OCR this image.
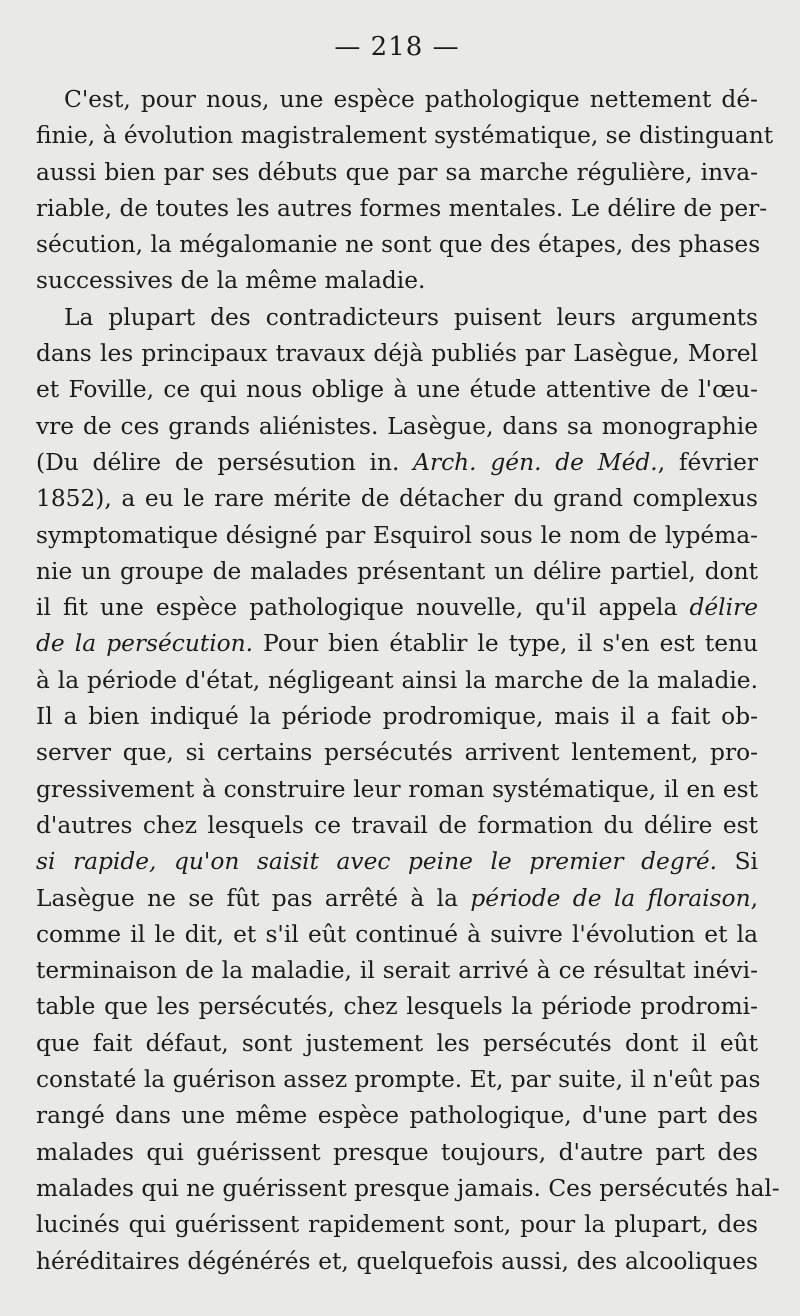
— 218 —
C'est, pour nous, une espèce pathologique nettement dé-
finie, à évolution magistralement systématique, se distinguant
aussi bien par ses débuts que par sa marche régulière, inva-
riable, de toutes les autres formes mentales. Le délire de per-
sécution, la mégalomanie ne sont que des étapes, des phases
successives de la même maladie.
La plupart des contradicteurs puisent leurs arguments
dans les principaux travaux déjà publiés par Lasègue, Morel
et Foville, ce qui nous oblige à une étude attentive de l'œu-
vre de ces grands aliénistes. Lasègue, dans sa monographie
(Du délire de persésution in. Arch. gén. de Méd., février
1852), a eu le rare mérite de détacher du grand complexus
symptomatique désigné par Esquirol sous le nom de lypéma-
nie un groupe de malades présentant un délire partiel, dont
il fit une espèce pathologique nouvelle, qu'il appela délire
de la persécution. Pour bien établir le type, il s'en est tenu
à la période d'état, négligeant ainsi la marche de la maladie.
Il a bien indiqué la période prodromique, mais il a fait ob-
server que, si certains persécutés arrivent lentement, pro-
gressivement à construire leur roman systématique, il en est
d'autres chez lesquels ce travail de formation du délire est
si rapide, qu'on saisit avec peine le premier degré. Si
Lasègue ne se fût pas arrêté à la période de la floraison,
comme il le dit, et s'il eût continué à suivre l'évolution et la
terminaison de la maladie, il serait arrivé à ce résultat inévi-
table que les persécutés, chez lesquels la période prodromi-
que fait défaut, sont justement les persécutés dont il eût
constaté la guérison assez prompte. Et, par suite, il n'eût pas
rangé dans une même espèce pathologique, d'une part des
malades qui guérissent presque toujours, d'autre part des
malades qui ne guérissent presque jamais. Ces persécutés hal-
lucinés qui guérissent rapidement sont, pour la plupart, des
héréditaires dégénérés et, quelquefois aussi, des alcooliques
